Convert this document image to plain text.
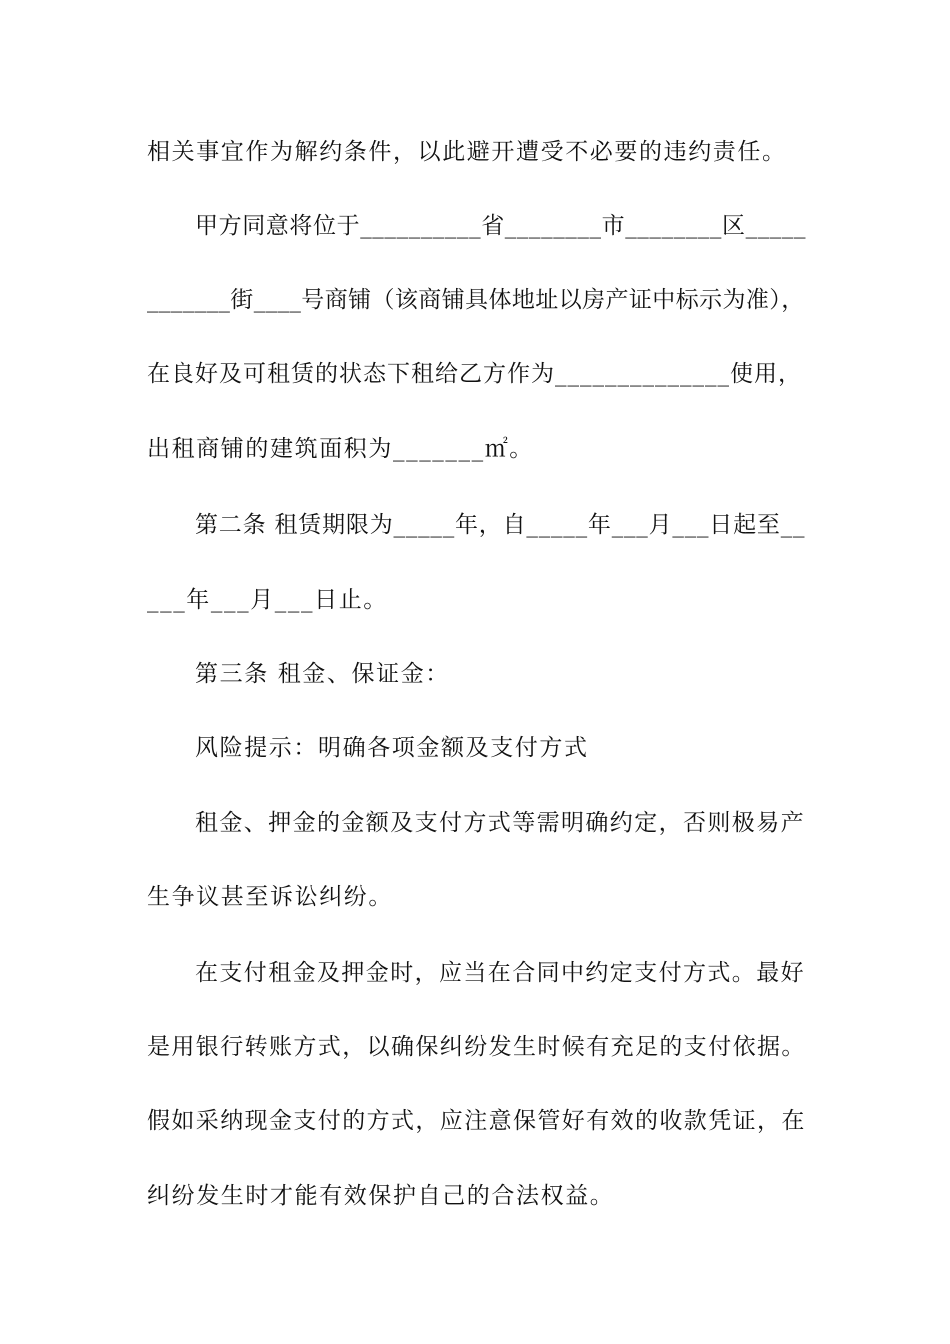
相关事宜作为解约条件，以此避开遭受不必要的违约责任。
甲方同意将位于__________省________市________区_____
_______街____号商铺（该商铺具体地址以房产证中标示为准），
在良好及可租赁的状态下租给乙方作为______________使用，
出租商铺的建筑面积为_______㎡。
第二条 租赁期限为_____年，自_____年___月___日起至__
___年___月___日止。
第三条 租金、保证金：
风险提示：明确各项金额及支付方式
租金、押金的金额及支付方式等需明确约定，否则极易产
生争议甚至诉讼纠纷。
在支付租金及押金时，应当在合同中约定支付方式。最好
是用银行转账方式，以确保纠纷发生时候有充足的支付依据。
假如采纳现金支付的方式，应注意保管好有效的收款凭证，在
纠纷发生时才能有效保护自己的合法权益。
